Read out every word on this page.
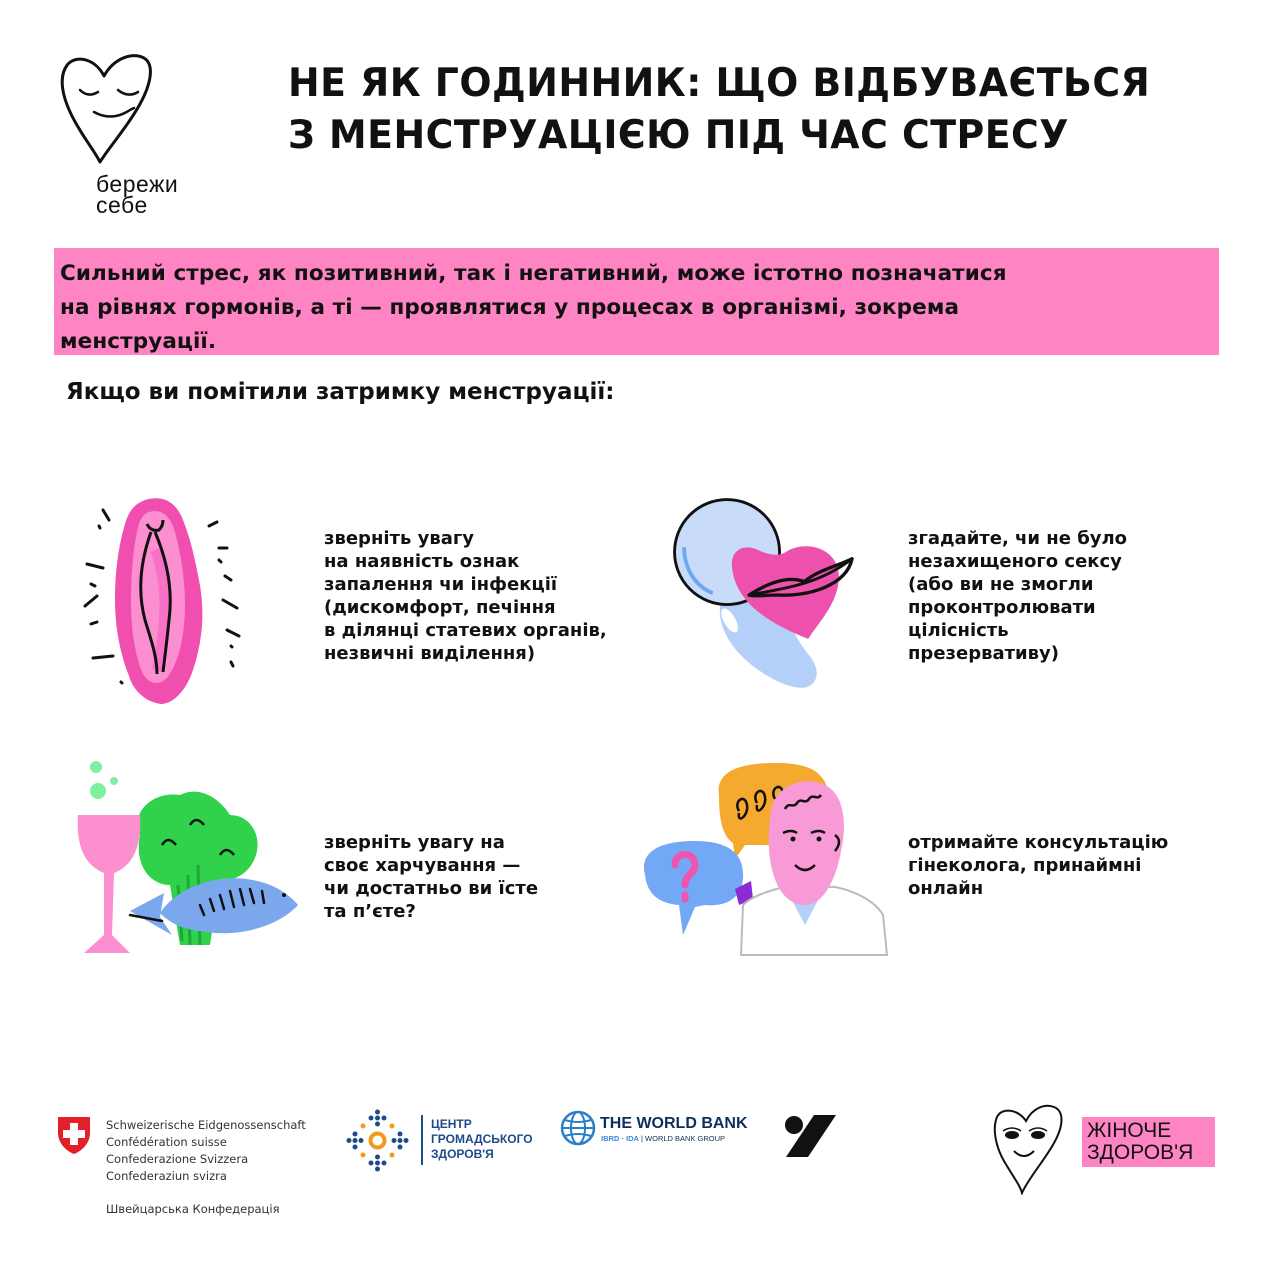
бережи
себе
НЕ ЯК ГОДИННИК: ЩО ВІДБУВАЄТЬСЯ
З МЕНСТРУАЦІЄЮ ПІД ЧАС СТРЕСУ

Сильний стрес, як позитивний, так і негативний, може істотно позначатися

на рівнях гормонів, а ті — проявлятися у процесах в організмі, зокрема

менструації.

Якщо ви помітили затримку менструації:
зверніть увагу
на наявність ознак
запалення чи інфекції
(дискомфорт, печіння
в ділянці статевих органів,
незвичні виділення)
згадайте, чи не було
незахищеного сексу
(або ви не змогли
проконтролювати
цілісність
презервативу)
зверніть увагу на
своє харчування —
чи достатньо ви їсте
та п’єте?
отримайте консультацію
гінеколога, принаймні
онлайн
Schweizerische Eidgenossenschaft
Confédération suisse
Confederazione Svizzera
Confederaziun svizra
Швейцарська Конфедерація
ЦЕНТР
ГРОМАДСЬКОГО
ЗДОРОВ'Я
THE WORLD BANK
IBRD · IDA | WORLD BANK GROUP	ЖІНОЧЕ
ЗДОРОВ'Я
